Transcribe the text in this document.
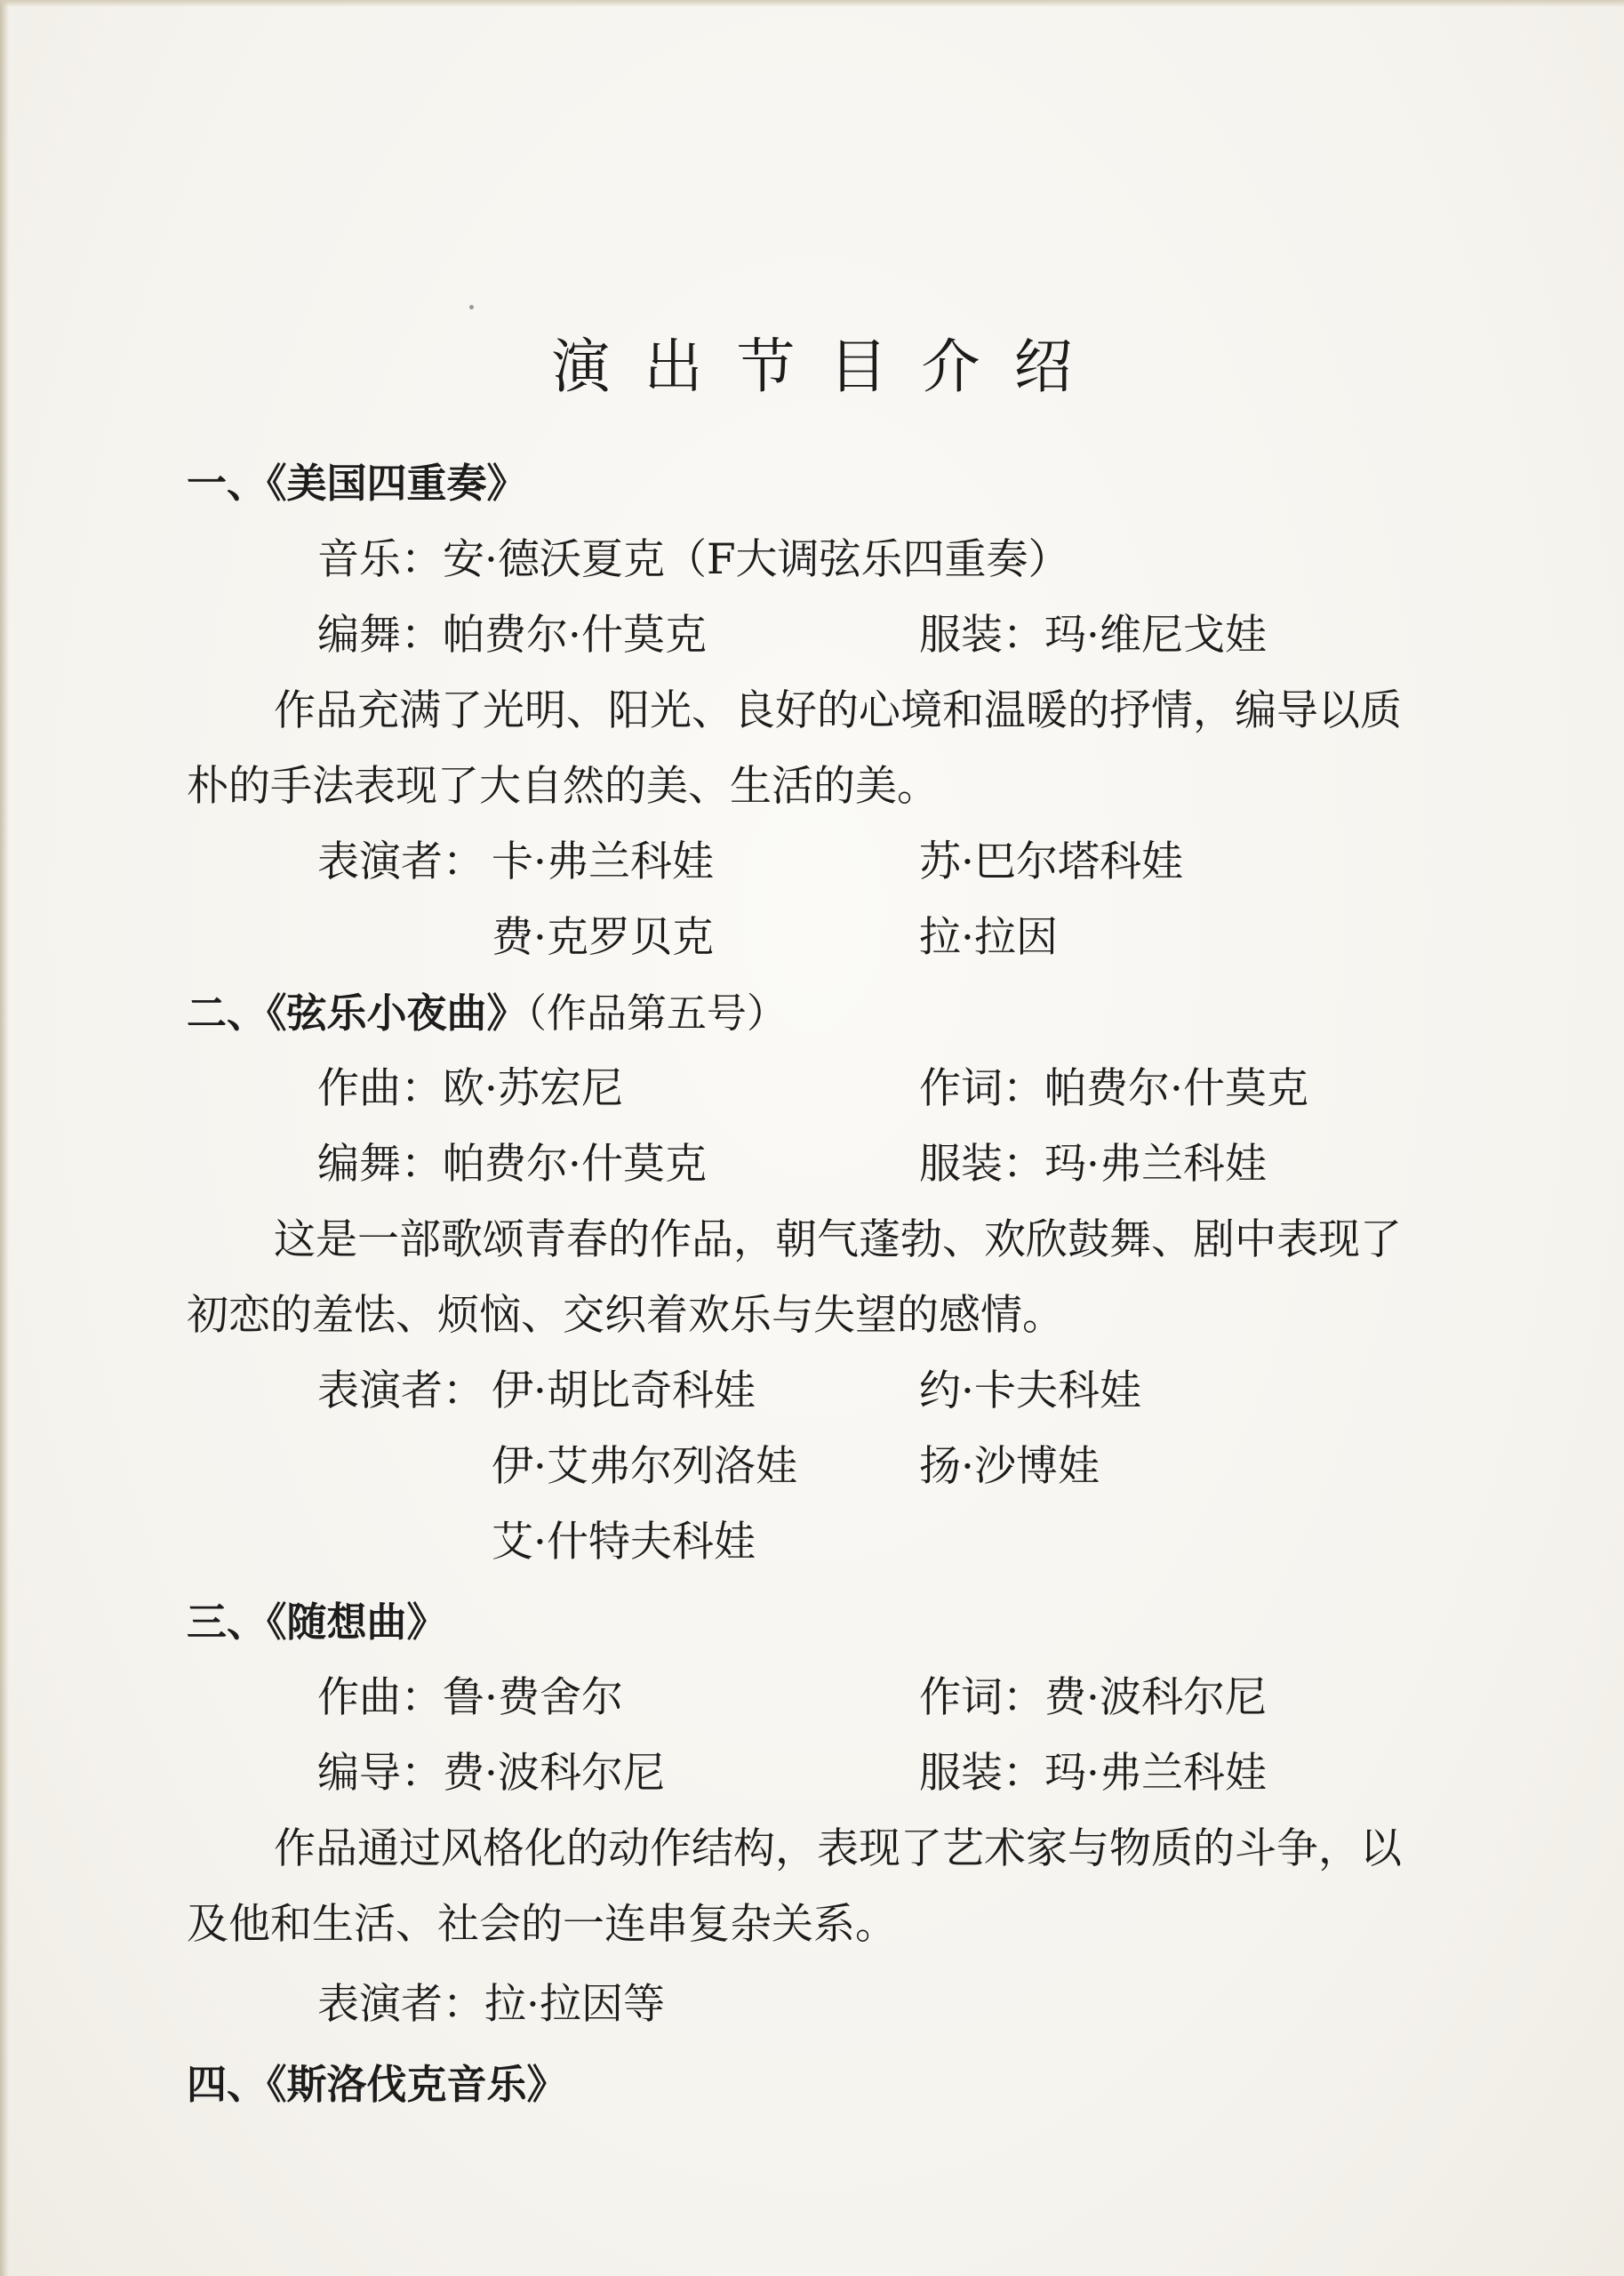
演出节目介绍
一、《美国四重奏》
音乐：安·德沃夏克（F大调弦乐四重奏）
编舞：帕费尔·什莫克	服装：玛·维尼戈娃
作品充满了光明、阳光、良好的心境和温暖的抒情，编导以质
朴的手法表现了大自然的美、生活的美。
表演者： 卡·弗兰科娃	苏·巴尔塔科娃
费·克罗贝克	拉·拉因
二、《弦乐小夜曲》（作品第五号）
作曲：欧·苏宏尼	作词：帕费尔·什莫克
编舞：帕费尔·什莫克	服装：玛·弗兰科娃
这是一部歌颂青春的作品，朝气蓬勃、欢欣鼓舞、剧中表现了
初恋的羞怯、烦恼、交织着欢乐与失望的感情。
表演者： 伊·胡比奇科娃	约·卡夫科娃
伊·艾弗尔列洛娃	扬·沙博娃
艾·什特夫科娃
三、《随想曲》
作曲：鲁·费舍尔	作词：费·波科尔尼
编导：费·波科尔尼	服装：玛·弗兰科娃
作品通过风格化的动作结构，表现了艺术家与物质的斗争，以
及他和生活、社会的一连串复杂关系。
表演者：拉·拉因等
四、《斯洛伐克音乐》
